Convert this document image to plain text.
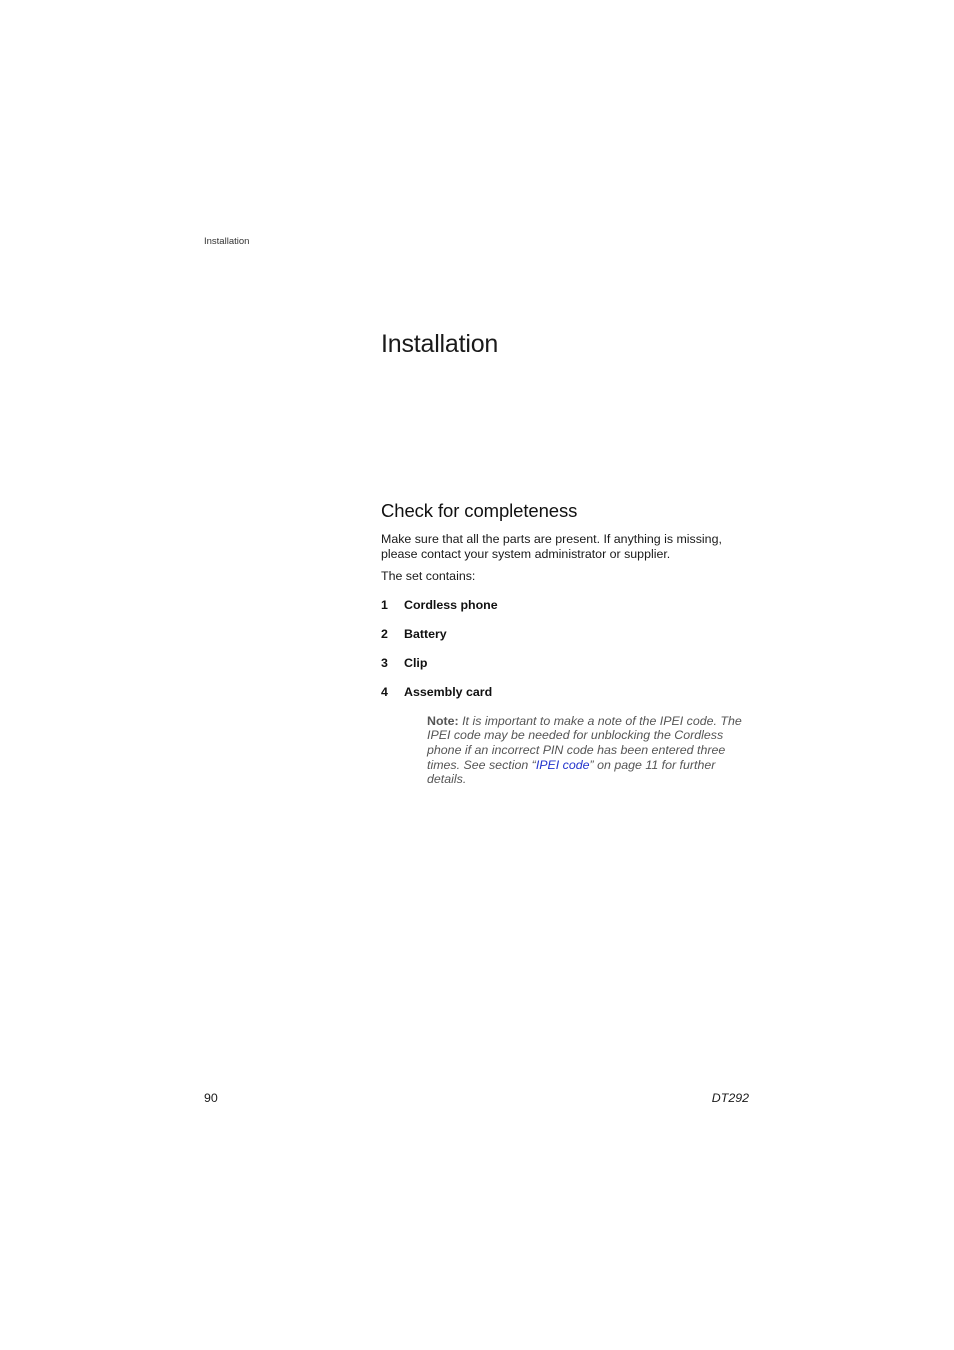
Installation
Installation
Check for completeness

Make sure that all the parts are present. If anything is missing, please contact your system administrator or supplier.

The set contains:

1	Cordless phone
2	Battery
3	Clip
4	Assembly card

Note: It is important to make a note of the IPEI code. The IPEI code may be needed for unblocking the Cordless phone if an incorrect PIN code has been entered three times. See section “IPEI code” on page 11 for further details.

90	DT292
